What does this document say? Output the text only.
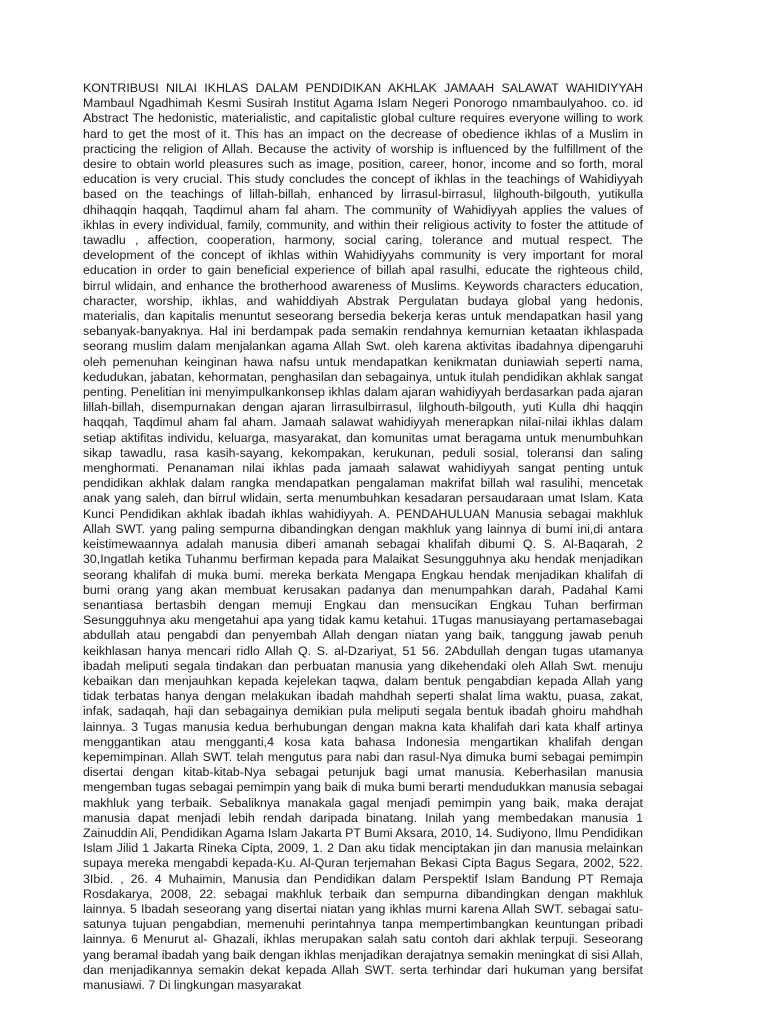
KONTRIBUSI NILAI IKHLAS DALAM PENDIDIKAN AKHLAK JAMAAH SALAWAT WAHIDIYYAH Mambaul Ngadhimah Kesmi Susirah Institut Agama Islam Negeri Ponorogo nmambaulyahoo. co. id Abstract The hedonistic, materialistic, and capitalistic global culture requires everyone willing to work hard to get the most of it. This has an impact on the decrease of obedience ikhlas of a Muslim in practicing the religion of Allah. Because the activity of worship is influenced by the fulfillment of the desire to obtain world pleasures such as image, position, career, honor, income and so forth, moral education is very crucial. This study concludes the concept of ikhlas in the teachings of Wahidiyyah based on the teachings of lillah-billah, enhanced by lirrasul-birrasul, lilghouth-bilgouth, yutikulla dhihaqqin haqqah, Taqdimul aham fal aham. The community of Wahidiyyah applies the values of ikhlas in every individual, family, community, and within their religious activity to foster the attitude of tawadlu , affection, cooperation, harmony, social caring, tolerance and mutual respect. The development of the concept of ikhlas within Wahidiyyahs community is very important for moral education in order to gain beneficial experience of billah apal rasulhi, educate the righteous child, birrul wlidain, and enhance the brotherhood awareness of Muslims. Keywords characters education, character, worship, ikhlas, and wahiddiyah Abstrak Pergulatan budaya global yang hedonis, materialis, dan kapitalis menuntut seseorang bersedia bekerja keras untuk mendapatkan hasil yang sebanyak-banyaknya. Hal ini berdampak pada semakin rendahnya kemurnian ketaatan ikhlaspada seorang muslim dalam menjalankan agama Allah Swt. oleh karena aktivitas ibadahnya dipengaruhi oleh pemenuhan keinginan hawa nafsu untuk mendapatkan kenikmatan duniawiah seperti nama, kedudukan, jabatan, kehormatan, penghasilan dan sebagainya, untuk itulah pendidikan akhlak sangat penting. Penelitian ini menyimpulkankonsep ikhlas dalam ajaran wahidiyyah berdasarkan pada ajaran lillah-billah, disempurnakan dengan ajaran lirrasulbirrasul, lilghouth-bilgouth, yuti Kulla dhi haqqin haqqah, Taqdimul aham fal aham. Jamaah salawat wahidiyyah menerapkan nilai-nilai ikhlas dalam setiap aktifitas individu, keluarga, masyarakat, dan komunitas umat beragama untuk menumbuhkan sikap tawadlu, rasa kasih-sayang, kekompakan, kerukunan, peduli sosial, toleransi dan saling menghormati. Penanaman nilai ikhlas pada jamaah salawat wahidiyyah sangat penting untuk pendidikan akhlak dalam rangka mendapatkan pengalaman makrifat billah wal rasulihi, mencetak anak yang saleh, dan birrul wlidain, serta menumbuhkan kesadaran persaudaraan umat Islam. Kata Kunci Pendidikan akhlak ibadah ikhlas wahidiyyah. A. PENDAHULUAN Manusia sebagai makhluk Allah SWT. yang paling sempurna dibandingkan dengan makhluk yang lainnya di bumi ini,di antara keistimewaannya adalah manusia diberi amanah sebagai khalifah dibumi Q. S. Al-Baqarah, 2 30,Ingatlah ketika Tuhanmu berfirman kepada para Malaikat Sesungguhnya aku hendak menjadikan seorang khalifah di muka bumi. mereka berkata Mengapa Engkau hendak menjadikan khalifah di bumi orang yang akan membuat kerusakan padanya dan menumpahkan darah, Padahal Kami senantiasa bertasbih dengan memuji Engkau dan mensucikan Engkau Tuhan berfirman Sesungguhnya aku mengetahui apa yang tidak kamu ketahui. 1Tugas manusiayang pertamasebagai abdullah atau pengabdi dan penyembah Allah dengan niatan yang baik, tanggung jawab penuh keikhlasan hanya mencari ridlo Allah Q. S. al-Dzariyat, 51 56. 2Abdullah dengan tugas utamanya ibadah meliputi segala tindakan dan perbuatan manusia yang dikehendaki oleh Allah Swt. menuju kebaikan dan menjauhkan kepada kejelekan taqwa, dalam bentuk pengabdian kepada Allah yang tidak terbatas hanya dengan melakukan ibadah mahdhah seperti shalat lima waktu, puasa, zakat, infak, sadaqah, haji dan sebagainya demikian pula meliputi segala bentuk ibadah ghoiru mahdhah lainnya. 3 Tugas manusia kedua berhubungan dengan makna kata khalifah dari kata khalf artinya menggantikan atau mengganti,4 kosa kata bahasa Indonesia mengartikan khalifah dengan kepemimpinan. Allah SWT. telah mengutus para nabi dan rasul-Nya dimuka bumi sebagai pemimpin disertai dengan kitab-kitab-Nya sebagai petunjuk bagi umat manusia. Keberhasilan manusia mengemban tugas sebagai pemimpin yang baik di muka bumi berarti mendudukkan manusia sebagai makhluk yang terbaik. Sebaliknya manakala gagal menjadi pemimpin yang baik, maka derajat manusia dapat menjadi lebih rendah daripada binatang. Inilah yang membedakan manusia 1 Zainuddin Ali, Pendidikan Agama Islam Jakarta PT Bumi Aksara, 2010, 14. Sudiyono, Ilmu Pendidikan Islam Jilid 1 Jakarta Rineka Cipta, 2009, 1. 2 Dan aku tidak menciptakan jin dan manusia melainkan supaya mereka mengabdi kepada-Ku. Al-Quran terjemahan Bekasi Cipta Bagus Segara, 2002, 522. 3Ibid. , 26. 4 Muhaimin, Manusia dan Pendidikan dalam Perspektif Islam Bandung PT Remaja Rosdakarya, 2008, 22. sebagai makhluk terbaik dan sempurna dibandingkan dengan makhluk lainnya. 5 Ibadah seseorang yang disertai niatan yang ikhlas murni karena Allah SWT. sebagai satu-satunya tujuan pengabdian, memenuhi perintahnya tanpa mempertimbangkan keuntungan pribadi lainnya. 6 Menurut al- Ghazali, ikhlas merupakan salah satu contoh dari akhlak terpuji. Seseorang yang beramal ibadah yang baik dengan ikhlas menjadikan derajatnya semakin meningkat di sisi Allah, dan menjadikannya semakin dekat kepada Allah SWT. serta terhindar dari hukuman yang bersifat manusiawi. 7 Di lingkungan masyarakat
